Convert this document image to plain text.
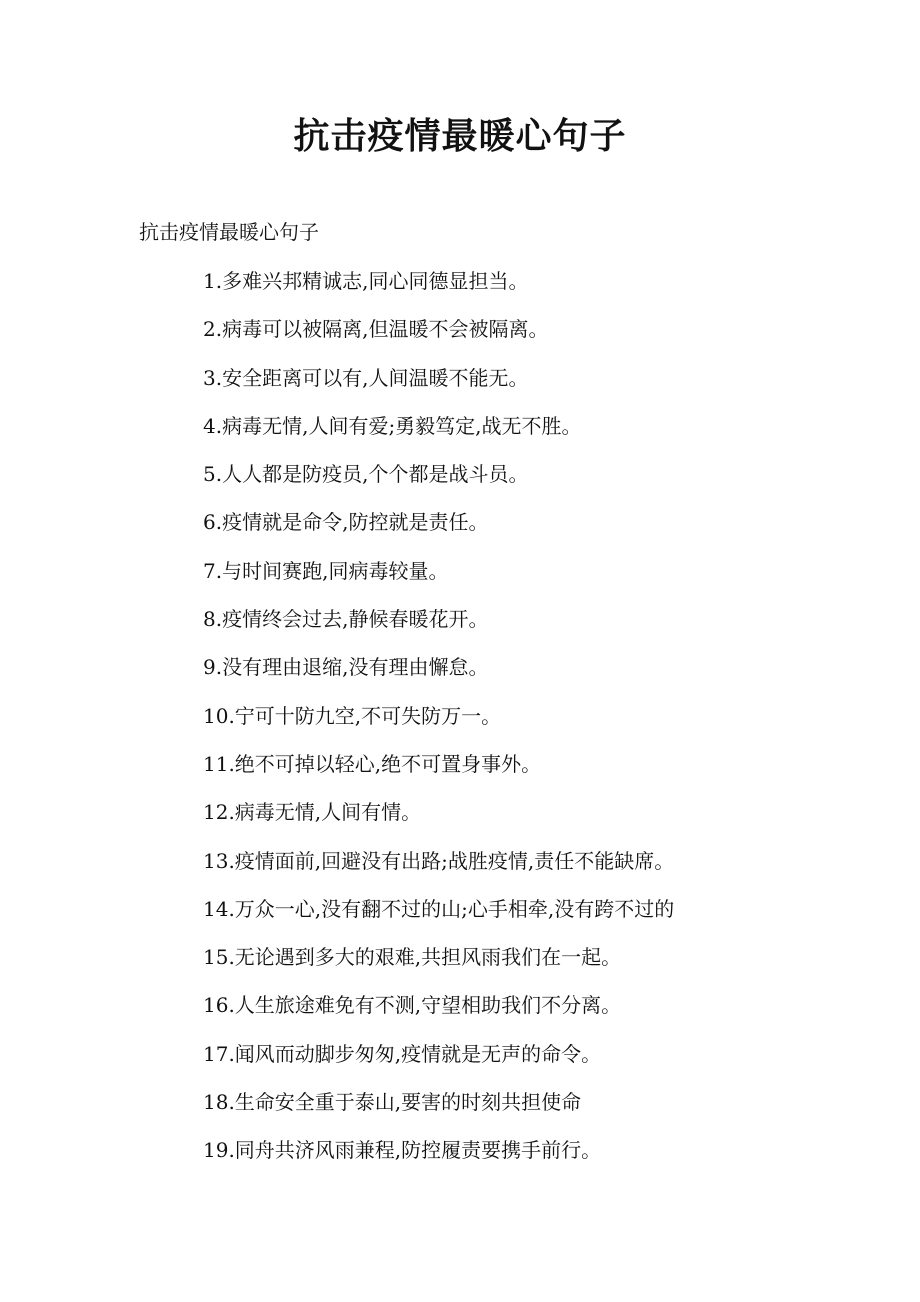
抗击疫情最暖心句子

抗击疫情最暖心句子

1.多难兴邦精诚志,同心同德显担当。
2.病毒可以被隔离,但温暖不会被隔离。
3.安全距离可以有,人间温暖不能无。
4.病毒无情,人间有爱;勇毅笃定,战无不胜。
5.人人都是防疫员,个个都是战斗员。
6.疫情就是命令,防控就是责任。
7.与时间赛跑,同病毒较量。
8.疫情终会过去,静候春暖花开。
9.没有理由退缩,没有理由懈怠。
10.宁可十防九空,不可失防万一。
11.绝不可掉以轻心,绝不可置身事外。
12.病毒无情,人间有情。
13.疫情面前,回避没有出路;战胜疫情,责任不能缺席。
14.万众一心,没有翻不过的山;心手相牵,没有跨不过的
15.无论遇到多大的艰难,共担风雨我们在一起。
16.人生旅途难免有不测,守望相助我们不分离。
17.闻风而动脚步匆匆,疫情就是无声的命令。
18.生命安全重于泰山,要害的时刻共担使命
19.同舟共济风雨兼程,防控履责要携手前行。
